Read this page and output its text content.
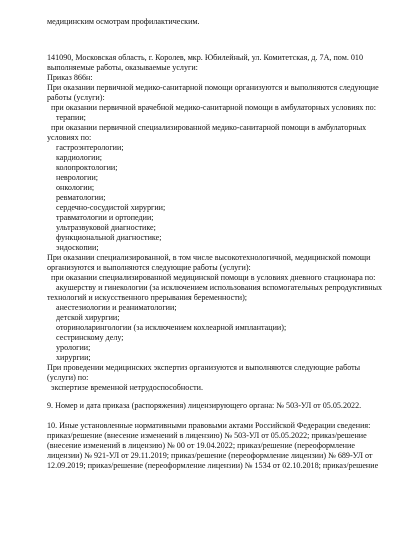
медицинским осмотрам профилактическим.
141090, Московская область, г. Королев, мкр. Юбилейный, ул. Комитетская, д. 7А, пом. 010
выполняемые работы, оказываемые услуги:
Приказ 866н:
При оказании первичной медико-санитарной помощи организуются и выполняются следующие
работы (услуги):
при оказании первичной врачебной медико-санитарной помощи в амбулаторных условиях по:
терапии;
при оказании первичной специализированной медико-санитарной помощи в амбулаторных
условиях по:
гастроэнтерологии;
кардиологии;
колопроктологии;
неврологии;
онкологии;
ревматологии;
сердечно-сосудистой хирургии;
травматологии и ортопедии;
ультразвуковой диагностике;
функциональной диагностике;
эндоскопии;
При оказании специализированной, в том числе высокотехнологичной, медицинской помощи
организуются и выполняются следующие работы (услуги):
при оказании специализированной медицинской помощи в условиях дневного стационара по:
акушерству и гинекологии (за исключением использования вспомогательных репродуктивных
технологий и искусственного прерывания беременности);
анестезиологии и реаниматологии;
детской хирургии;
оториноларингологии (за исключением кохлеарной имплантации);
сестринскому делу;
урологии;
хирургии;
При проведении медицинских экспертиз организуются и выполняются следующие работы
(услуги) по:
экспертизе временной нетрудоспособности.
9. Номер и дата приказа (распоряжения) лицензирующего органа: № 503-УЛ от 05.05.2022.
10. Иные установленные нормативными правовыми актами Российской Федерации сведения:
приказ/решение (внесение изменений в лицензию) № 503-УЛ от 05.05.2022; приказ/решение
(внесение изменений в лицензию) № 00 от 19.04.2022; приказ/решение (переоформление
лицензии) № 921-УЛ от 29.11.2019; приказ/решение (переоформление лицензии) № 689-УЛ от
12.09.2019; приказ/решение (переоформление лицензии) № 1534 от 02.10.2018; приказ/решение
